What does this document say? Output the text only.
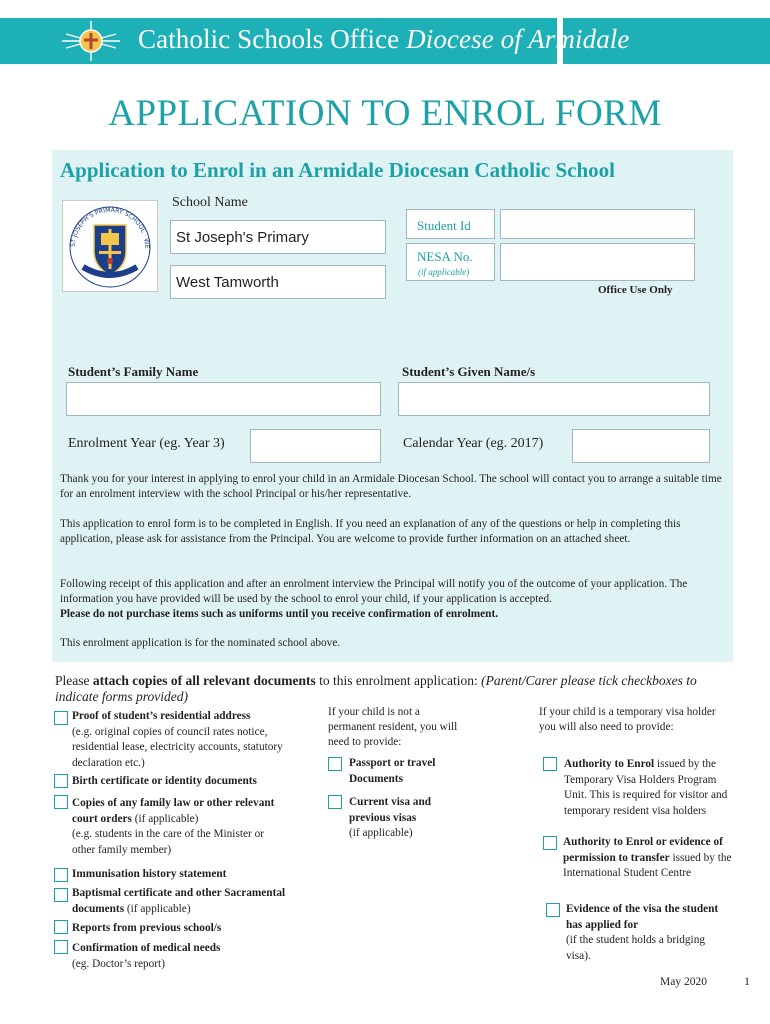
Catholic Schools Office Diocese of Armidale
APPLICATION TO ENROL FORM
Application to Enrol in an Armidale Diocesan Catholic School
ST JOSEPH'S PRIMARY SCHOOL · WE
School Name
St Joseph's Primary
West Tamworth
Student Id
NESA No.
(if applicable)
Office Use Only
Student’s Family Name	Student’s Given Name/s
Enrolment Year (eg. Year 3)	Calendar Year (eg. 2017)
Thank you for your interest in applying to enrol your child in an Armidale Diocesan School. The school will contact you to arrange a suitable time for an enrolment interview with the school Principal or his/her representative.
This application to enrol form is to be completed in English. If you need an explanation of any of the questions or help in completing this application, please ask for assistance from the Principal. You are welcome to provide further information on an attached sheet.
Following receipt of this application and after an enrolment interview the Principal will notify you of the outcome of your application. The information you have provided will be used by the school to enrol your child, if your application is accepted.
Please do not purchase items such as uniforms until you receive confirmation of enrolment.
This enrolment application is for the nominated school above.
Please attach copies of all relevant documents to this enrolment application: (Parent/Carer please tick checkboxes to indicate forms provided)
Proof of student’s residential address
(e.g. original copies of council rates notice, residential lease, electricity accounts, statutory declaration etc.)
Birth certificate or identity documents
Copies of any family law or other relevant court orders (if applicable)
(e.g. students in the care of the Minister or other family member)
Immunisation history statement
Baptismal certificate and other Sacramental documents (if applicable)
Reports from previous school/s
Confirmation of medical needs
(eg. Doctor’s report)
If your child is not a permanent resident, you will need to provide:
Passport or travel Documents
Current visa and previous visas
(if applicable)
If your child is a temporary visa holder you will also need to provide:
Authority to Enrol issued by the Temporary Visa Holders Program Unit. This is required for visitor and temporary resident visa holders
Authority to Enrol or evidence of permission to transfer issued by the International Student Centre
Evidence of the visa the student has applied for
(if the student holds a bridging visa).
May 2020	1
